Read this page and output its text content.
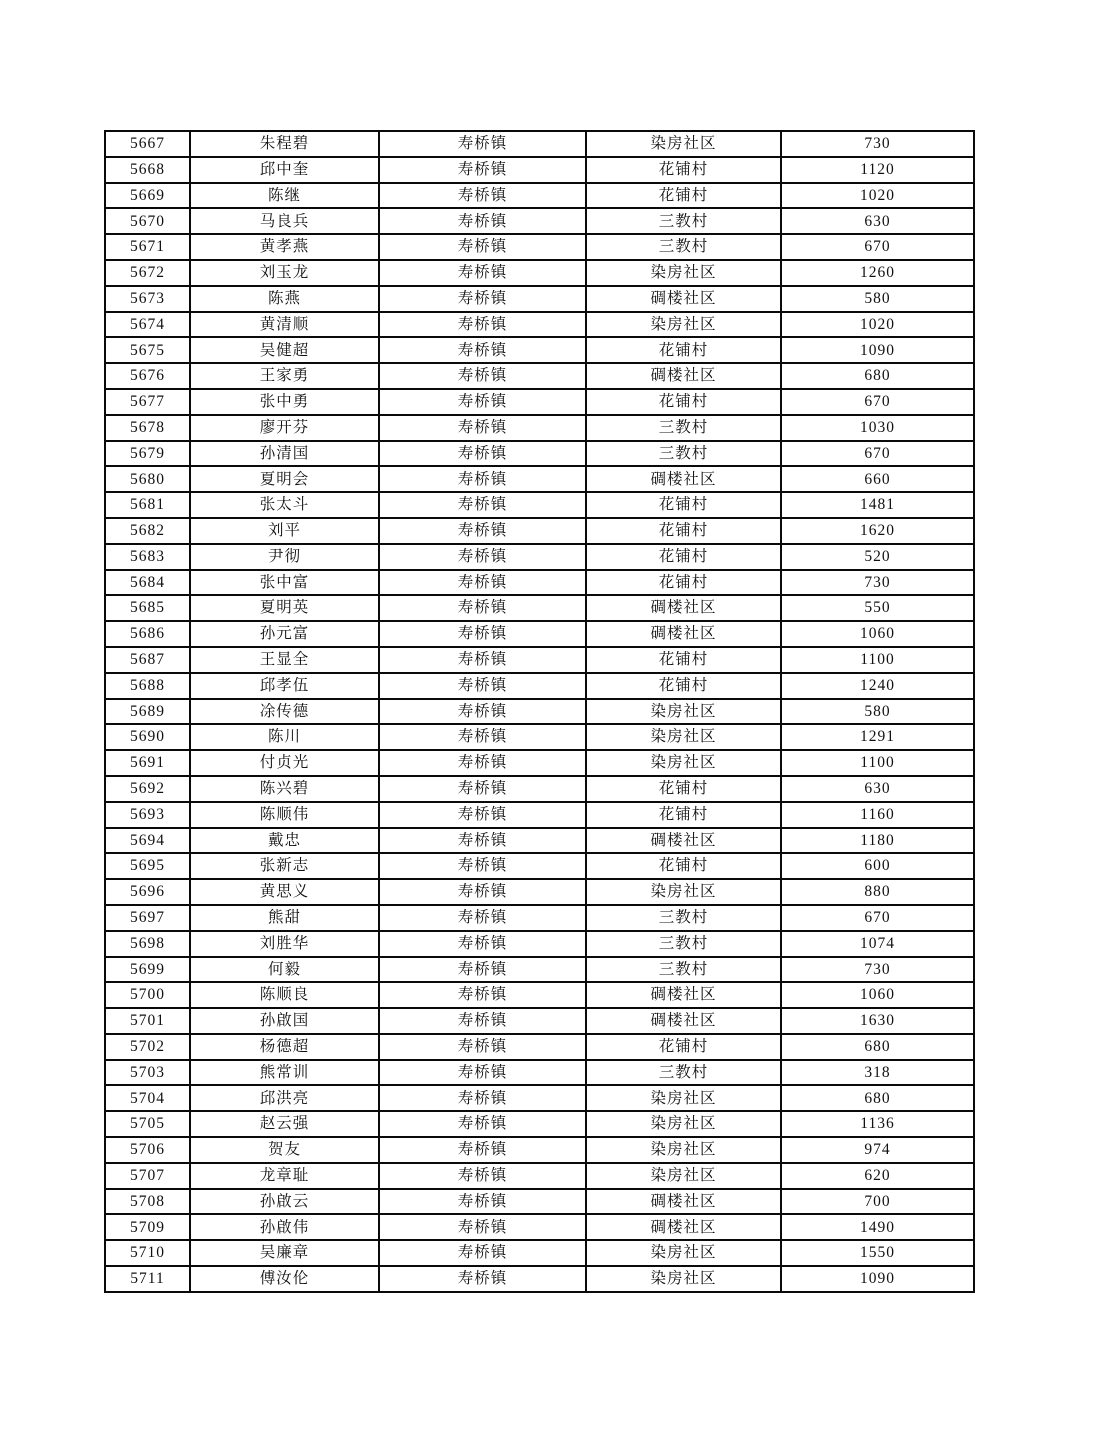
5667	朱程碧	寿桥镇	染房社区	730
5668	邱中奎	寿桥镇	花铺村	1120
5669	陈继	寿桥镇	花铺村	1020
5670	马良兵	寿桥镇	三教村	630
5671	黄孝燕	寿桥镇	三教村	670
5672	刘玉龙	寿桥镇	染房社区	1260
5673	陈燕	寿桥镇	碉楼社区	580
5674	黄清顺	寿桥镇	染房社区	1020
5675	吴健超	寿桥镇	花铺村	1090
5676	王家勇	寿桥镇	碉楼社区	680
5677	张中勇	寿桥镇	花铺村	670
5678	廖开芬	寿桥镇	三教村	1030
5679	孙清国	寿桥镇	三教村	670
5680	夏明会	寿桥镇	碉楼社区	660
5681	张太斗	寿桥镇	花铺村	1481
5682	刘平	寿桥镇	花铺村	1620
5683	尹彻	寿桥镇	花铺村	520
5684	张中富	寿桥镇	花铺村	730
5685	夏明英	寿桥镇	碉楼社区	550
5686	孙元富	寿桥镇	碉楼社区	1060
5687	王显全	寿桥镇	花铺村	1100
5688	邱孝伍	寿桥镇	花铺村	1240
5689	凃传德	寿桥镇	染房社区	580
5690	陈川	寿桥镇	染房社区	1291
5691	付贞光	寿桥镇	染房社区	1100
5692	陈兴碧	寿桥镇	花铺村	630
5693	陈顺伟	寿桥镇	花铺村	1160
5694	戴忠	寿桥镇	碉楼社区	1180
5695	张新志	寿桥镇	花铺村	600
5696	黄思义	寿桥镇	染房社区	880
5697	熊甜	寿桥镇	三教村	670
5698	刘胜华	寿桥镇	三教村	1074
5699	何毅	寿桥镇	三教村	730
5700	陈顺良	寿桥镇	碉楼社区	1060
5701	孙啟国	寿桥镇	碉楼社区	1630
5702	杨德超	寿桥镇	花铺村	680
5703	熊常训	寿桥镇	三教村	318
5704	邱洪亮	寿桥镇	染房社区	680
5705	赵云强	寿桥镇	染房社区	1136
5706	贺友	寿桥镇	染房社区	974
5707	龙章耻	寿桥镇	染房社区	620
5708	孙啟云	寿桥镇	碉楼社区	700
5709	孙啟伟	寿桥镇	碉楼社区	1490
5710	吴廉章	寿桥镇	染房社区	1550
5711	傅汝伦	寿桥镇	染房社区	1090
